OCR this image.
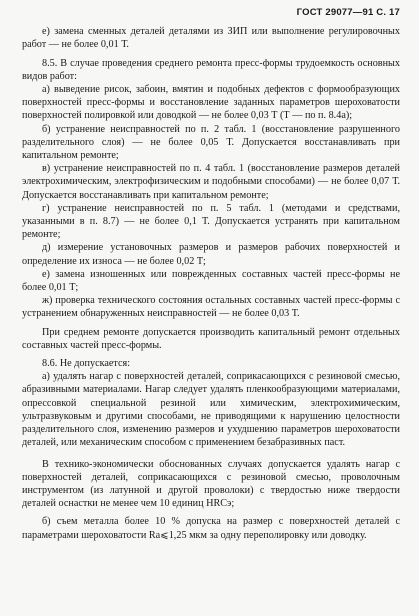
ГОСТ 29077—91 С. 17

е) замена сменных деталей деталями из ЗИП или выполнение регулировочных работ — не более 0,01 Т.

8.5. В случае проведения среднего ремонта пресс-формы трудоемкость основных видов работ:

а) выведение рисок, забоин, вмятин и подобных дефектов с формообразующих поверхностей пресс-формы и восстановление заданных параметров шероховатости поверхностей полировкой или доводкой — не более 0,03 Т (Т — по п. 8.4а);

б) устранение неисправностей по п. 2 табл. 1 (восстановление разрушенного разделительного слоя) — не более 0,05 Т. Допускается восстанавливать при капитальном ремонте;

в) устранение неисправностей по п. 4 табл. 1 (восстановление размеров деталей электрохимическим, электрофизическим и подобными способами) — не более 0,07 Т. Допускается восстанавливать при капитальном ремонте;

г) устранение неисправностей по п. 5 табл. 1 (методами и средствами, указанными в п. 8.7) — не более 0,1 Т. Допускается устранять при капитальном ремонте;

д) измерение установочных размеров и размеров рабочих поверхностей и определение их износа — не более 0,02 Т;

е) замена изношенных или поврежденных составных частей пресс-формы не более 0,01 Т;

ж) проверка технического состояния остальных составных частей пресс-формы с устранением обнаруженных неисправностей — не более 0,03 Т.

При среднем ремонте допускается производить капитальный ремонт отдельных составных частей пресс-формы.

8.6. Не допускается:

а) удалять нагар с поверхностей деталей, соприкасающихся с резиновой смесью, абразивными материалами. Нагар следует удалять пленкообразующими материалами, опрессовкой специальной резиной или химическим, электрохимическим, ультразвуковым и другими способами, не приводящими к нарушению целостности разделительного слоя, изменению размеров и ухудшению параметров шероховатости деталей, или механическим способом с применением безабразивных паст.

В технико-экономически обоснованных случаях допускается удалять нагар с поверхностей деталей, соприкасающихся с резиновой смесью, проволочным инструментом (из латунной и другой проволоки) с твердостью ниже твердости деталей оснастки не менее чем 10 единиц HRCэ;

б) съем металла более 10 % допуска на размер с поверхностей деталей с параметрами шероховатости Ra⩽1,25 мкм за одну переполировку или доводку.
